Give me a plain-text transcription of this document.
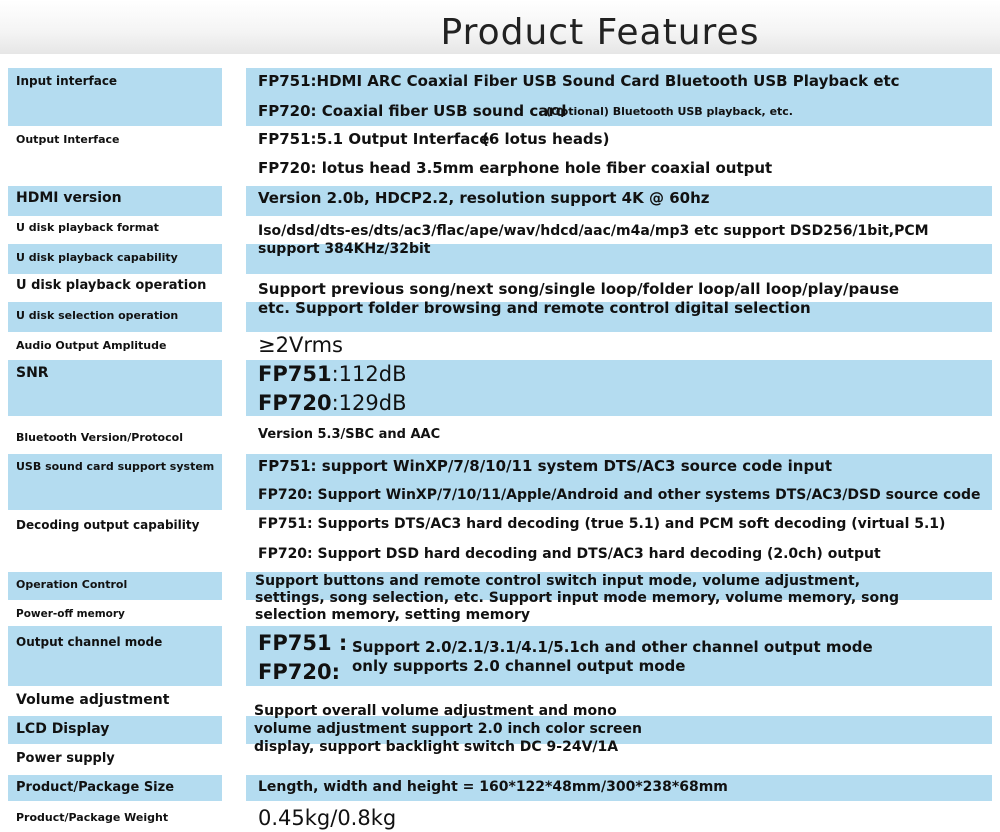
Product Features
Input interface
Output Interface
HDMI version
U disk playback format
U disk playback capability
U disk playback operation
U disk selection operation
Audio Output Amplitude
SNR
Bluetooth Version/Protocol
USB sound card support system
Decoding output capability
Operation Control
Power-off memory
Output channel mode
Volume adjustment
LCD Display
Power supply
Product/Package Size
Product/Package Weight
FP751:HDMI ARC Coaxial Fiber USB Sound Card Bluetooth USB Playback etc
FP720: Coaxial fiber USB sound card
(Optional) Bluetooth USB playback, etc.
FP751:5.1 Output Interface
(6 lotus heads)
FP720: lotus head 3.5mm earphone hole fiber coaxial output
Version 2.0b, HDCP2.2, resolution support 4K @ 60hz
Iso/dsd/dts-es/dts/ac3/flac/ape/wav/hdcd/aac/m4a/mp3 etc support DSD256/1bit,PCM
support 384KHz/32bit
Support previous song/next song/single loop/folder loop/all loop/play/pause
etc. Support folder browsing and remote control digital selection
≥2Vrms
FP751:112dB
FP720:129dB
Version 5.3/SBC and AAC
FP751: support WinXP/7/8/10/11 system DTS/AC3 source code input
FP720: Support WinXP/7/10/11/Apple/Android and other systems DTS/AC3/DSD source code
FP751: Supports DTS/AC3 hard decoding (true 5.1) and PCM soft decoding (virtual 5.1)
FP720: Support DSD hard decoding and DTS/AC3 hard decoding (2.0ch) output
Support buttons and remote control switch input mode, volume adjustment,
settings, song selection, etc. Support input mode memory, volume memory, song
selection memory, setting memory
FP751 :
FP720:
Support 2.0/2.1/3.1/4.1/5.1ch and other channel output mode
only supports 2.0 channel output mode
Support overall volume adjustment and mono
volume adjustment support 2.0 inch color screen
display, support backlight switch DC 9-24V/1A
Length, width and height = 160*122*48mm/300*238*68mm
0.45kg/0.8kg
